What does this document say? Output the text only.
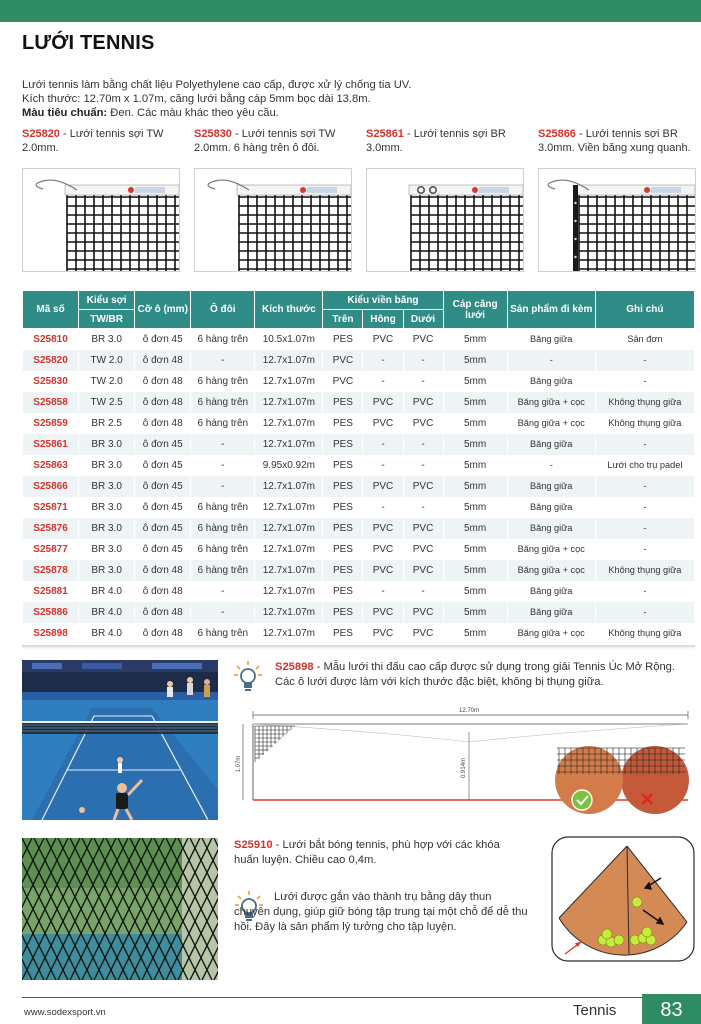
LƯỚI TENNIS
Lưới tennis làm bằng chất liệu Polyethylene cao cấp, được xử lý chống tia UV.
Kích thước: 12.70m x 1.07m, căng lưới bằng cáp 5mm bọc dài 13.8m.
Màu tiêu chuẩn: Đen. Các màu khác theo yêu cầu.
S25820 - Lưới tennis sợi TW 2.0mm.
S25830 - Lưới tennis sợi TW 2.0mm. 6 hàng trên ô đôi.
S25861 - Lưới tennis sợi BR 3.0mm.
S25866 - Lưới tennis sợi BR 3.0mm. Viền băng xung quanh.
Mã số	Kiểu sợi	Cỡ ô (mm)	Ô đôi	Kích thước	Kiểu viền băng			Cáp căng lưới	Sản phẩm đi kèm	Ghi chú
	TW/BR				Trên	Hông	Dưới			
S25810	BR 3.0	ô đơn 45	6 hàng trên	10.5x1.07m	PES	PVC	PVC	5mm	Băng giữa	Sân đơn
S25820	TW 2.0	ô đơn 48	-	12.7x1.07m	PVC	-	-	5mm	-	-
S25830	TW 2.0	ô đơn 48	6 hàng trên	12.7x1.07m	PVC	-	-	5mm	Băng giữa	-
S25858	TW 2.5	ô đơn 48	6 hàng trên	12.7x1.07m	PES	PVC	PVC	5mm	Băng giữa + cọc	Không thụng giữa
S25859	BR 2.5	ô đơn 48	6 hàng trên	12.7x1.07m	PES	PVC	PVC	5mm	Băng giữa + cọc	Không thụng giữa
S25861	BR 3.0	ô đơn 45	-	12.7x1.07m	PES	-	-	5mm	Băng giữa	-
S25863	BR 3.0	ô đơn 45	-	9.95x0.92m	PES	-	-	5mm	-	Lưới cho trụ padel
S25866	BR 3.0	ô đơn 45	-	12.7x1.07m	PES	PVC	PVC	5mm	Băng giữa	-
S25871	BR 3.0	ô đơn 45	6 hàng trên	12.7x1.07m	PES	-	-	5mm	Băng giữa	-
S25876	BR 3.0	ô đơn 45	6 hàng trên	12.7x1.07m	PES	PVC	PVC	5mm	Băng giữa	-
S25877	BR 3.0	ô đơn 45	6 hàng trên	12.7x1.07m	PES	PVC	PVC	5mm	Băng giữa + cọc	-
S25878	BR 3.0	ô đơn 48	6 hàng trên	12.7x1.07m	PES	PVC	PVC	5mm	Băng giữa + cọc	Không thụng giữa
S25881	BR 4.0	ô đơn 48	-	12.7x1.07m	PES	-	-	5mm	Băng giữa	-
S25886	BR 4.0	ô đơn 48	-	12.7x1.07m	PES	PVC	PVC	5mm	Băng giữa	-
S25898	BR 4.0	ô đơn 48	6 hàng trên	12.7x1.07m	PES	PVC	PVC	5mm	Băng giữa + cọc	Không thụng giữa
S25898 - Mẫu lưới thi đấu cao cấp được sử dụng trong giải Tennis Úc Mở Rộng. Các ô lưới được làm với kích thước đặc biệt, không bị thụng giữa.
12.70m
1.07m	0.914m
S25910 - Lưới bắt bóng tennis, phù hợp với các khóa huấn luyện. Chiều cao 0,4m.
Lưới được gắn vào thành trụ bằng dây thun chuyên dụng, giúp giữ bóng tập trung tại một chỗ để dễ thu hồi. Đây là sản phẩm lý tưởng cho tập luyện.
www.sodexsport.vn	Tennis	83
